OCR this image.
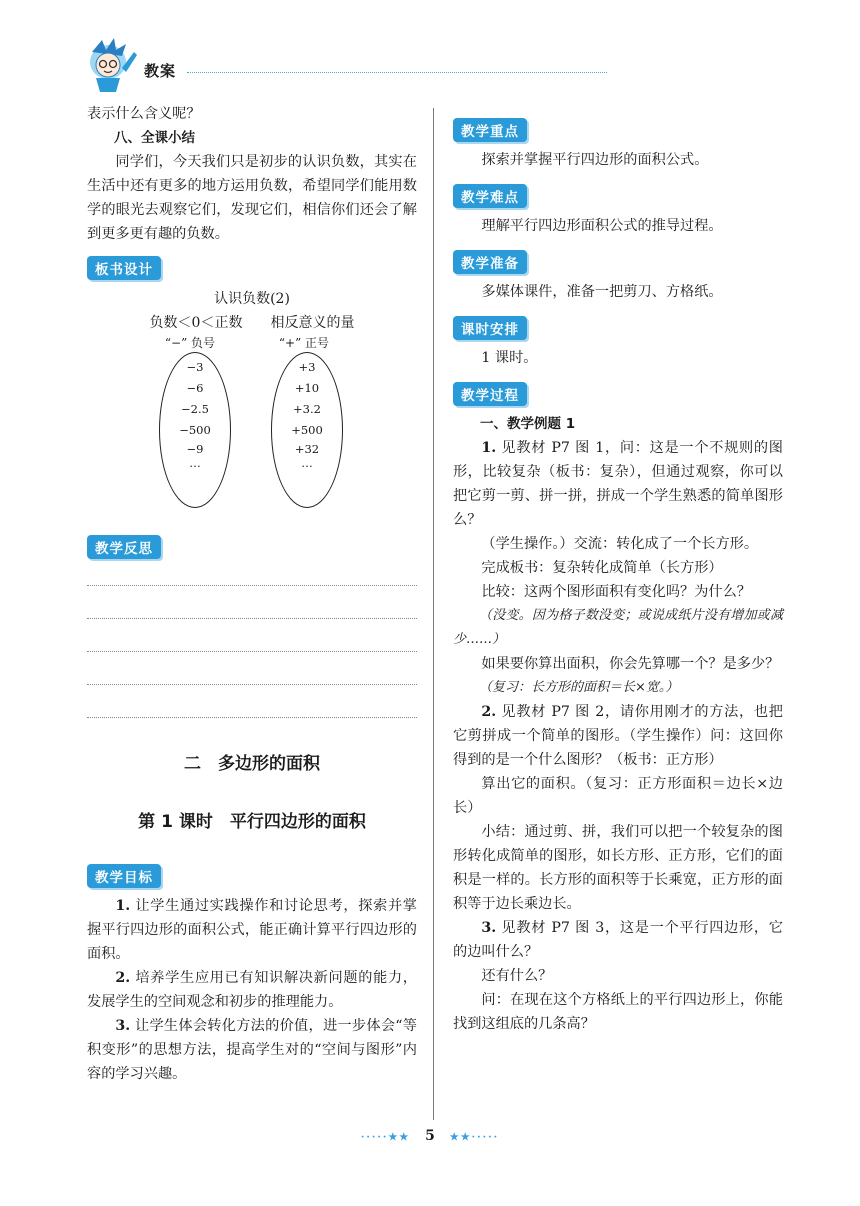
教案

表示什么含义呢？

八、全课小结

同学们，今天我们只是初步的认识负数，其实在生活中还有更多的地方运用负数，希望同学们能用数学的眼光去观察它们，发现它们，相信你们还会了解到更多更有趣的负数。

板书设计
认识负数(2)
负数＜0＜正数　　相反意义的量
“−” 负号	“+” 正号
−3
−6
−2.5
−500
−9
…
+3
+10
+3.2
+500
+32
…
教学反思

二　多边形的面积

第 1 课时　平行四边形的面积

教学目标

1. 让学生通过实践操作和讨论思考，探索并掌握平行四边形的面积公式，能正确计算平行四边形的面积。

2. 培养学生应用已有知识解决新问题的能力，发展学生的空间观念和初步的推理能力。

3. 让学生体会转化方法的价值，进一步体会“等积变形”的思想方法，提高学生对的“空间与图形”内容的学习兴趣。

教学重点

探索并掌握平行四边形的面积公式。

教学难点

理解平行四边形面积公式的推导过程。

教学准备

多媒体课件，准备一把剪刀、方格纸。

课时安排

1 课时。

教学过程

一、教学例题 1

1. 见教材 P7 图 1，问：这是一个不规则的图形，比较复杂（板书：复杂），但通过观察，你可以把它剪一剪、拼一拼，拼成一个学生熟悉的简单图形么？

（学生操作。）交流：转化成了一个长方形。

完成板书：复杂转化成简单（长方形）

比较：这两个图形面积有变化吗？为什么？

（没变。因为格子数没变；或说成纸片没有增加或减少……）

如果要你算出面积，你会先算哪一个？是多少？

（复习：长方形的面积＝长×宽。）

2. 见教材 P7 图 2，请你用刚才的方法，也把它剪拼成一个简单的图形。（学生操作）问：这回你得到的是一个什么图形？（板书：正方形）

算出它的面积。（复习：正方形面积＝边长×边长）

小结：通过剪、拼，我们可以把一个较复杂的图形转化成简单的图形，如长方形、正方形，它们的面积是一样的。长方形的面积等于长乘宽，正方形的面积等于边长乘边长。

3. 见教材 P7 图 3，这是一个平行四边形，它的边叫什么？

还有什么？

问：在现在这个方格纸上的平行四边形上，你能找到这组底的几条高？

·····★★ 5 ★★·····
